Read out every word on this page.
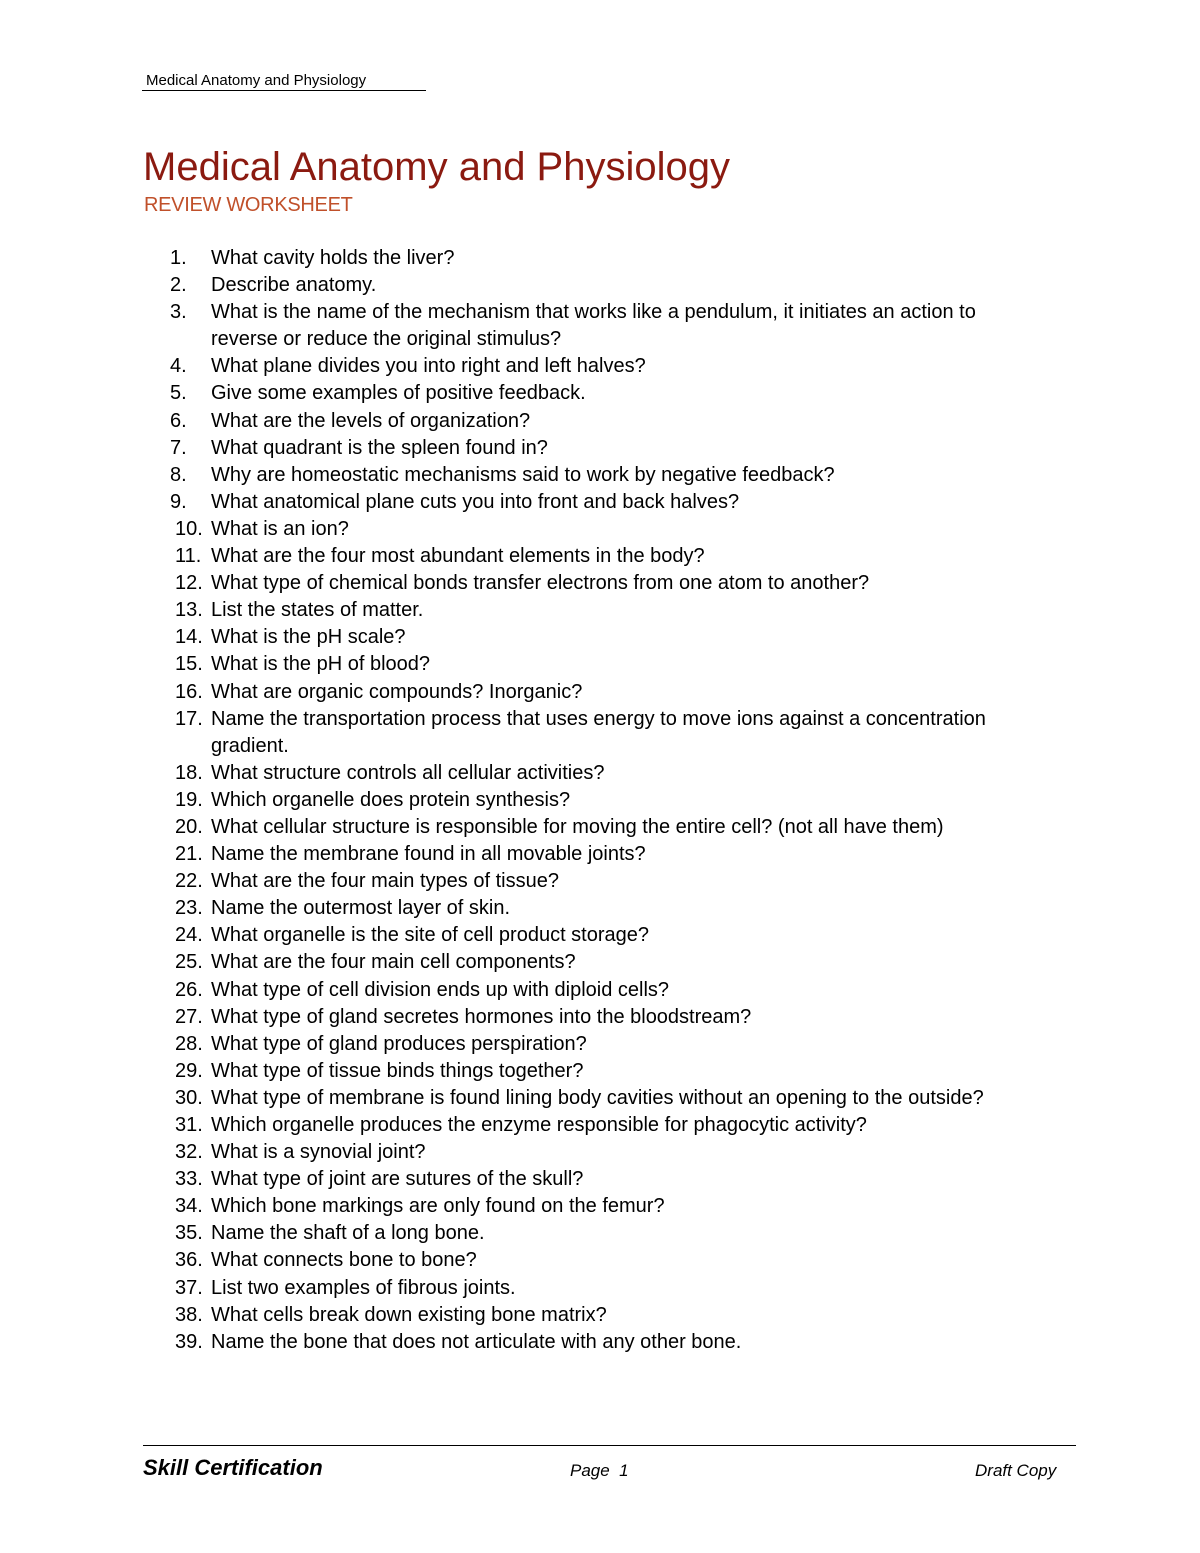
Medical Anatomy and Physiology
Medical Anatomy and Physiology
REVIEW WORKSHEET
1.	What cavity holds the liver?
2.	Describe anatomy.
3.	What is the name of the mechanism that works like a pendulum, it initiates an action to reverse or reduce the original stimulus?
4.	What plane divides you into right and left halves?
5.	Give some examples of positive feedback.
6.	What are the levels of organization?
7.	What quadrant is the spleen found in?
8.	Why are homeostatic mechanisms said to work by negative feedback?
9.	What anatomical plane cuts you into front and back halves?
10. What is an ion?
11. What are the four most abundant elements in the body?
12. What type of chemical bonds transfer electrons from one atom to another?
13. List the states of matter.
14. What is the pH scale?
15. What is the pH of blood?
16. What are organic compounds? Inorganic?
17. Name the transportation process that uses energy to move ions against a concentration gradient.
18. What structure controls all cellular activities?
19. Which organelle does protein synthesis?
20. What cellular structure is responsible for moving the entire cell? (not all have them)
21. Name the membrane found in all movable joints?
22. What are the four main types of tissue?
23. Name the outermost layer of skin.
24. What organelle is the site of cell product storage?
25. What are the four main cell components?
26. What type of cell division ends up with diploid cells?
27. What type of gland secretes hormones into the bloodstream?
28. What type of gland produces perspiration?
29. What type of tissue binds things together?
30. What type of membrane is found lining body cavities without an opening to the outside?
31. Which organelle produces the enzyme responsible for phagocytic activity?
32. What is a synovial joint?
33. What type of joint are sutures of the skull?
34. Which bone markings are only found on the femur?
35. Name the shaft of a long bone.
36. What connects bone to bone?
37. List two examples of fibrous joints.
38. What cells break down existing bone matrix?
39. Name the bone that does not articulate with any other bone.
Skill Certification	Page  1	Draft Copy
